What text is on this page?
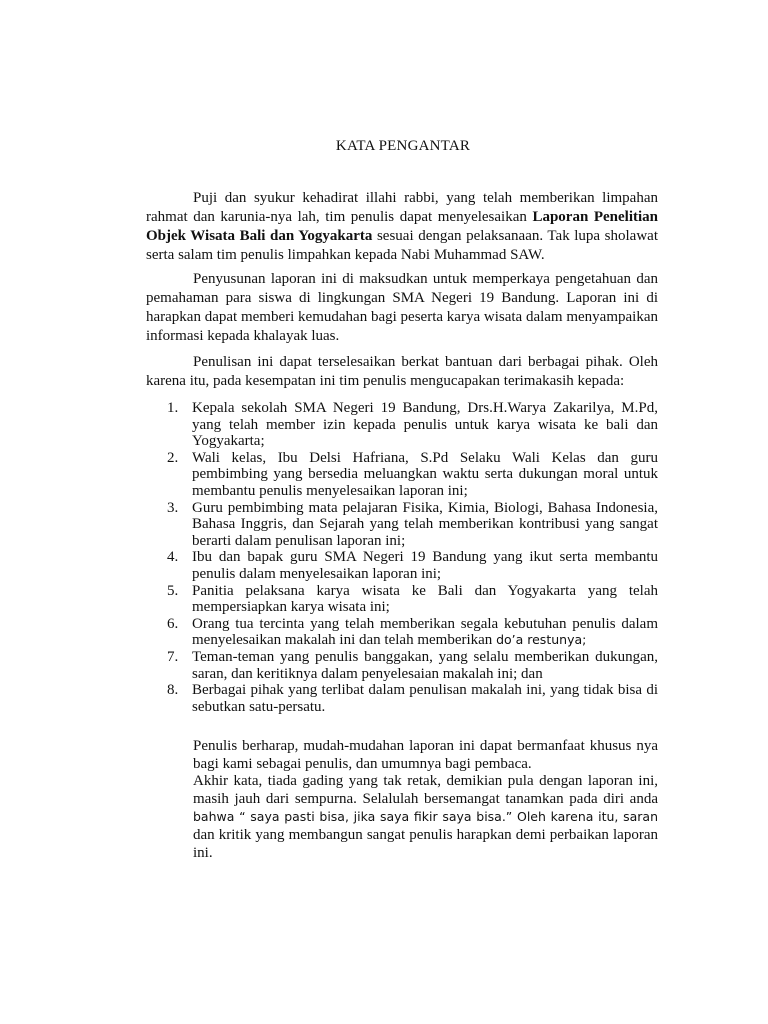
KATA PENGANTAR

Puji dan syukur kehadirat illahi rabbi, yang telah memberikan limpahan rahmat dan karunia-nya lah, tim penulis dapat menyelesaikan Laporan Penelitian Objek Wisata Bali dan Yogyakarta sesuai dengan pelaksanaan. Tak lupa sholawat serta salam tim penulis limpahkan kepada Nabi Muhammad SAW.

Penyusunan laporan ini di maksudkan untuk memperkaya pengetahuan dan pemahaman para siswa di lingkungan SMA Negeri 19 Bandung. Laporan ini di harapkan dapat memberi kemudahan bagi peserta karya wisata dalam menyampaikan informasi kepada khalayak luas.

Penulisan ini dapat terselesaikan berkat bantuan dari berbagai pihak. Oleh karena itu, pada kesempatan ini tim penulis mengucapakan terimakasih kepada:

1. Kepala sekolah SMA Negeri 19 Bandung, Drs.H.Warya Zakarilya, M.Pd, yang telah member izin kepada penulis untuk karya wisata ke bali dan Yogyakarta;
2. Wali kelas, Ibu Delsi Hafriana, S.Pd Selaku Wali Kelas dan guru pembimbing yang bersedia meluangkan waktu serta dukungan moral untuk membantu penulis menyelesaikan laporan ini;
3. Guru pembimbing mata pelajaran Fisika, Kimia, Biologi, Bahasa Indonesia, Bahasa Inggris, dan Sejarah yang telah memberikan kontribusi yang sangat berarti dalam penulisan laporan ini;
4. Ibu dan bapak guru SMA Negeri 19 Bandung yang ikut serta membantu penulis dalam menyelesaikan laporan ini;
5. Panitia pelaksana karya wisata ke Bali dan Yogyakarta yang telah mempersiapkan karya wisata ini;
6. Orang tua tercinta yang telah memberikan segala kebutuhan penulis dalam menyelesaikan makalah ini dan telah memberikan do’a restunya;
7. Teman-teman yang penulis banggakan, yang selalu memberikan dukungan, saran, dan keritiknya dalam penyelesaian makalah ini; dan
8. Berbagai pihak yang terlibat dalam penulisan makalah ini, yang tidak bisa di sebutkan satu-persatu.

Penulis berharap, mudah-mudahan laporan ini dapat bermanfaat khusus nya bagi kami sebagai penulis, dan umumnya bagi pembaca.

Akhir kata, tiada gading yang tak retak, demikian pula dengan laporan ini, masih jauh dari sempurna. Selalulah bersemangat tanamkan pada diri anda bahwa “ saya pasti bisa, jika saya fikir saya bisa.” Oleh karena itu, saran dan kritik yang membangun sangat penulis harapkan demi perbaikan laporan ini.
